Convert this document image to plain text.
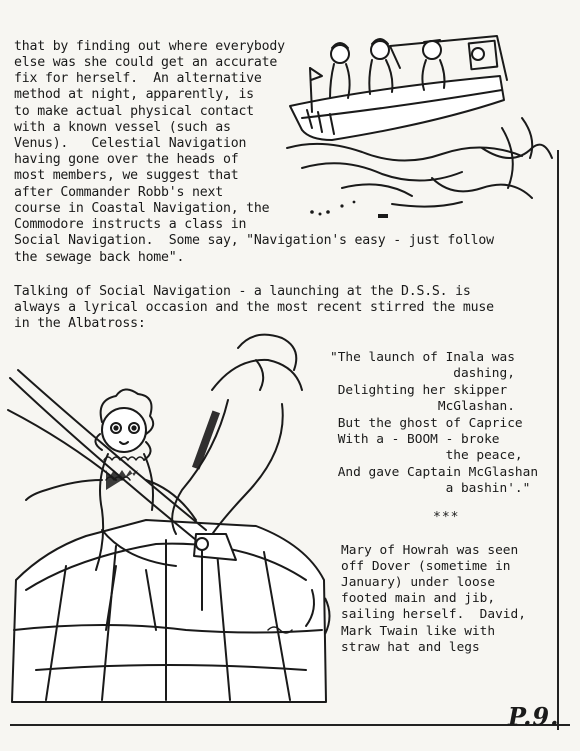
that by finding out where everybody
else was she could get an accurate
fix for herself.  An alternative
method at night, apparently, is
to make actual physical contact
with a known vessel (such as
Venus).   Celestial Navigation
having gone over the heads of
most members, we suggest that
after Commander Robb's next
course in Coastal Navigation, the
Commodore instructs a class in
Social Navigation.  Some say, "Navigation's easy - just follow
the sewage back home".
Talking of Social Navigation - a launching at the D.S.S. is
always a lyrical occasion and the most recent stirred the muse
in the Albatross:
"The launch of Inala was
dashing,
Delighting her skipper
McGlashan.
But the ghost of Caprice
With a - BOOM - broke
the peace,
And gave Captain McGlashan
a bashin'."
***
Mary of Howrah was seen
off Dover (sometime in
January) under loose
footed main and jib,
sailing herself.  David,
Mark Twain like with
straw hat and legs
P.9.
